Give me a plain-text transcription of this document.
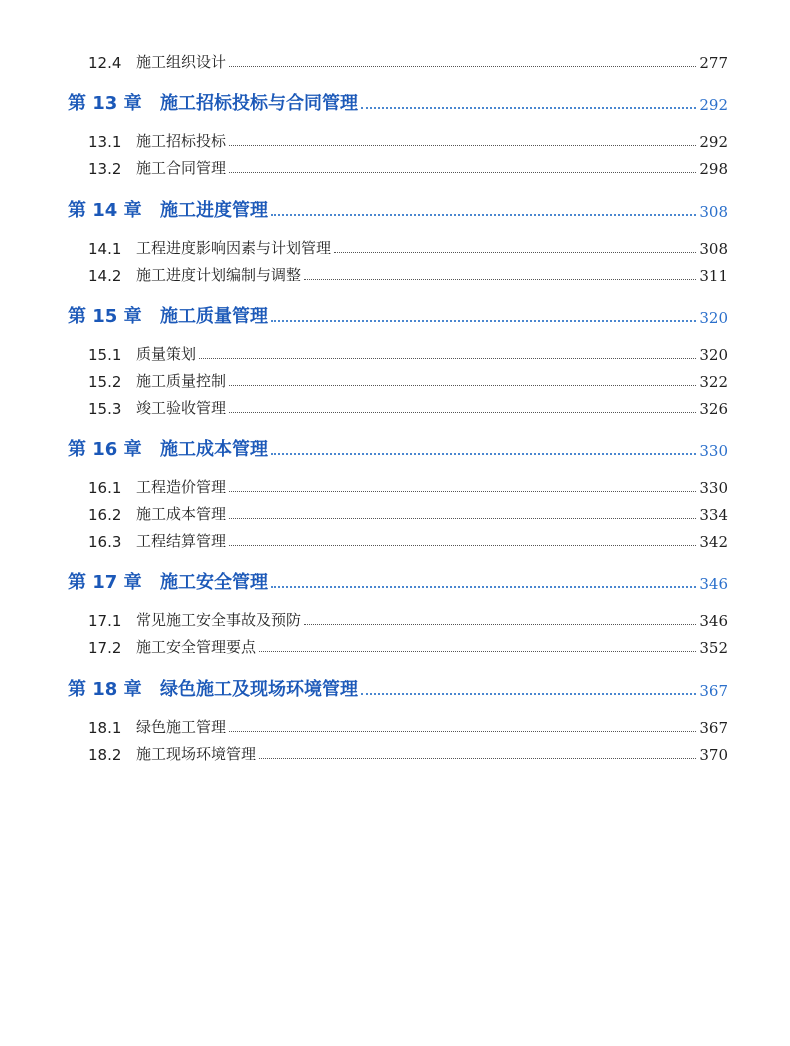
12.4 施工组织设计	277
第 13 章	施工招标投标与合同管理	292
13.1 施工招标投标	292
13.2 施工合同管理	298
第 14 章	施工进度管理	308
14.1 工程进度影响因素与计划管理	308
14.2 施工进度计划编制与调整	311
第 15 章	施工质量管理	320
15.1 质量策划	320
15.2 施工质量控制	322
15.3 竣工验收管理	326
第 16 章	施工成本管理	330
16.1 工程造价管理	330
16.2 施工成本管理	334
16.3 工程结算管理	342
第 17 章	施工安全管理	346
17.1 常见施工安全事故及预防	346
17.2 施工安全管理要点	352
第 18 章	绿色施工及现场环境管理	367
18.1 绿色施工管理	367
18.2 施工现场环境管理	370
